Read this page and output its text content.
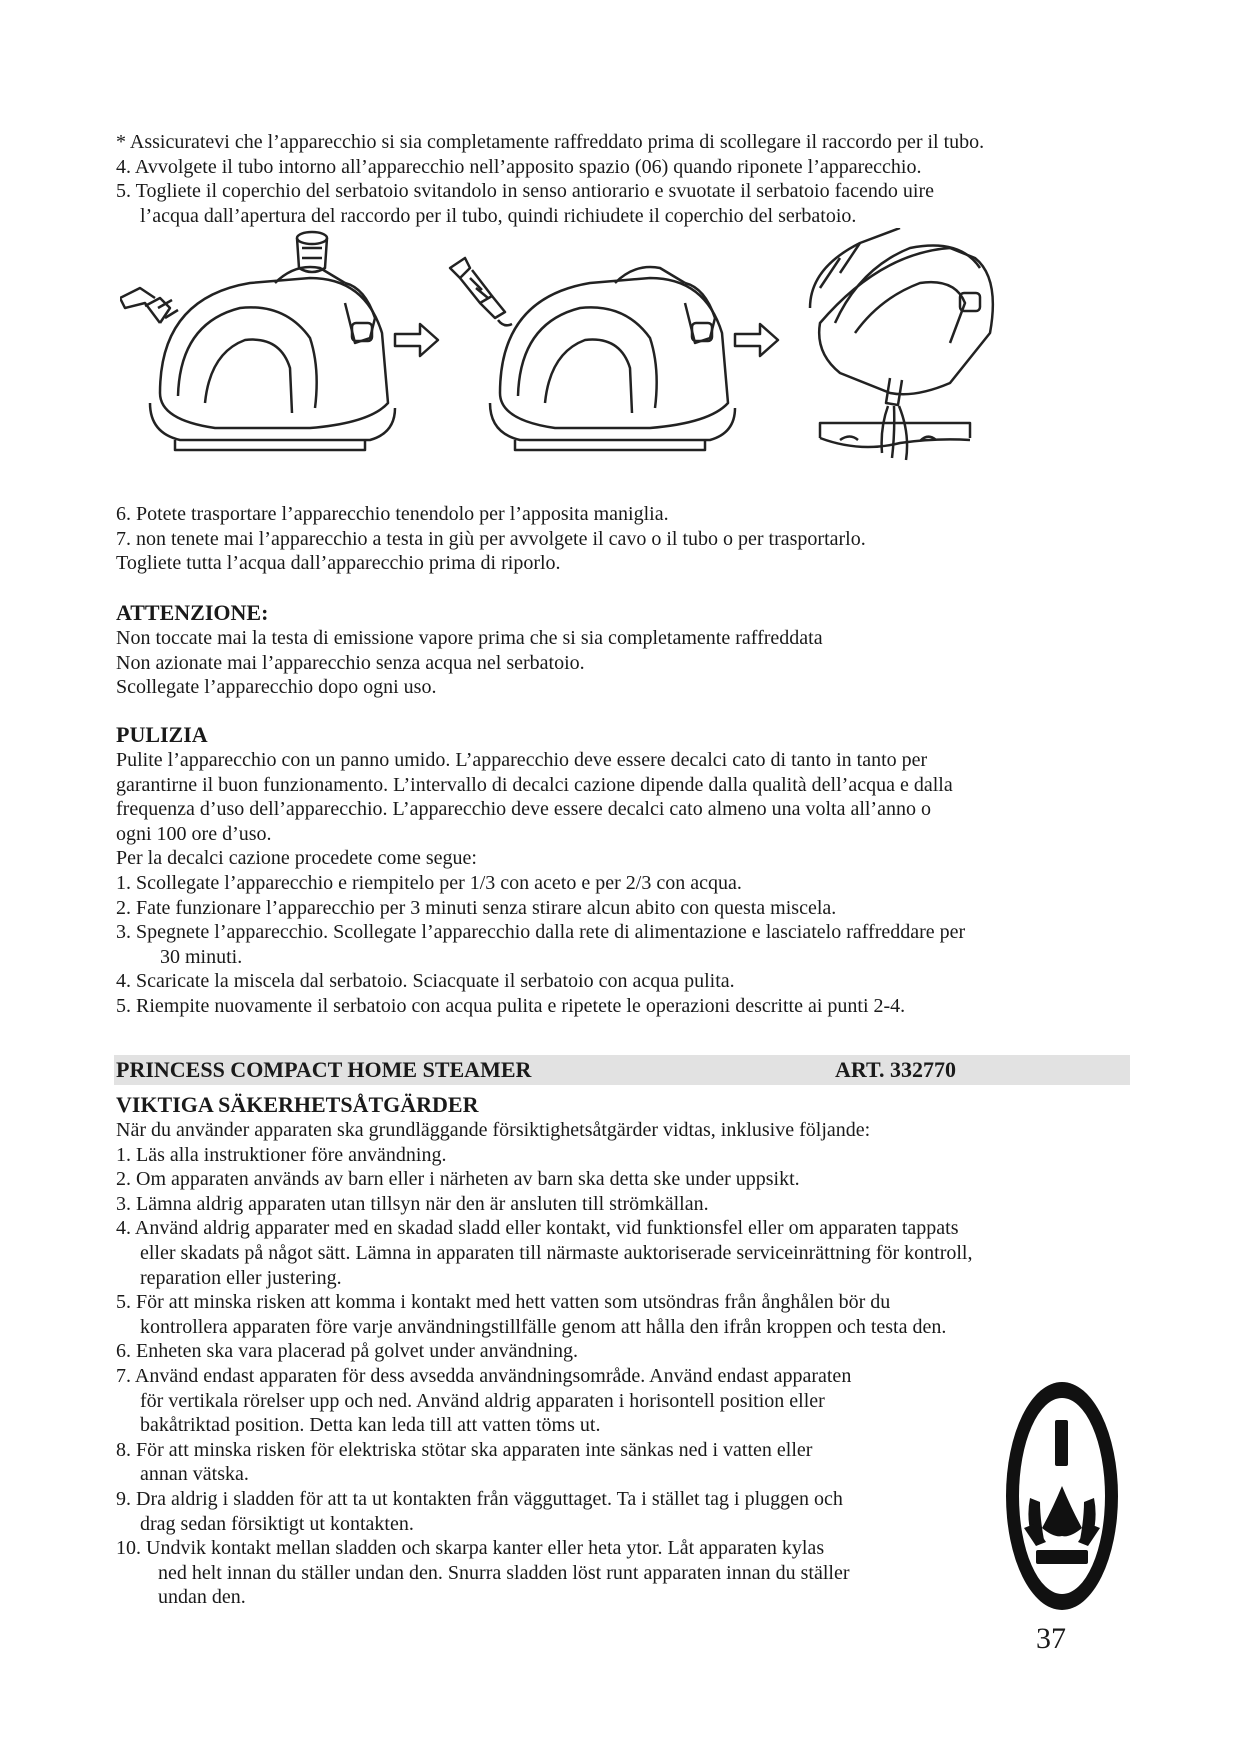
* Assicuratevi che l’apparecchio si sia completamente raffreddato prima di scollegare il raccordo per il tubo.
4. Avvolgete il tubo intorno all’apparecchio nell’apposito spazio (06) quando riponete l’apparecchio.
5. Togliete il coperchio del serbatoio svitandolo in senso antiorario e svuotate il serbatoio facendo uire
l’acqua dall’apertura del raccordo per il tubo, quindi richiudete il coperchio del serbatoio.
6. Potete trasportare l’apparecchio tenendolo per l’apposita maniglia.
7. non tenete mai l’apparecchio a testa in giù per avvolgete il cavo o il tubo o per trasportarlo.
Togliete tutta l’acqua dall’apparecchio prima di riporlo.
ATTENZIONE:
Non toccate mai la testa di emissione vapore prima che si sia completamente raffreddata
Non azionate mai l’apparecchio senza acqua nel serbatoio.
Scollegate l’apparecchio dopo ogni uso.
PULIZIA
Pulite l’apparecchio con un panno umido. L’apparecchio deve essere decalci cato di tanto in tanto per
garantirne il buon funzionamento. L’intervallo di decalci cazione dipende dalla qualità dell’acqua e dalla
frequenza d’uso dell’apparecchio. L’apparecchio deve essere decalci cato almeno una volta all’anno o
ogni 100 ore d’uso.
Per la decalci cazione procedete come segue:
1. Scollegate l’apparecchio e riempitelo per 1/3 con aceto e per 2/3 con acqua.
2. Fate funzionare l’apparecchio per 3 minuti senza stirare alcun abito con questa miscela.
3. Spegnete l’apparecchio. Scollegate l’apparecchio dalla rete di alimentazione e lasciatelo raffreddare per
30 minuti.
4. Scaricate la miscela dal serbatoio. Sciacquate il serbatoio con acqua pulita.
5. Riempite nuovamente il serbatoio con acqua pulita e ripetete le operazioni descritte ai punti 2-4.
PRINCESS COMPACT HOME STEAMER	ART. 332770
VIKTIGA SÄKERHETSÅTGÄRDER
När du använder apparaten ska grundläggande försiktighetsåtgärder vidtas, inklusive följande:
1. Läs alla instruktioner före användning.
2. Om apparaten används av barn eller i närheten av barn ska detta ske under uppsikt.
3. Lämna aldrig apparaten utan tillsyn när den är ansluten till strömkällan.
4. Använd aldrig apparater med en skadad sladd eller kontakt, vid funktionsfel eller om apparaten tappats
eller skadats på något sätt. Lämna in apparaten till närmaste auktoriserade serviceinrättning för kontroll,
reparation eller justering.
5. För att minska risken att komma i kontakt med hett vatten som utsöndras från ånghålen bör du
kontrollera apparaten före varje användningstillfälle genom att hålla den ifrån kroppen och testa den.
6. Enheten ska vara placerad på golvet under användning.
7. Använd endast apparaten för dess avsedda användningsområde. Använd endast apparaten
för vertikala rörelser upp och ned. Använd aldrig apparaten i horisontell position eller
bakåtriktad position. Detta kan leda till att vatten töms ut.
8. För att minska risken för elektriska stötar ska apparaten inte sänkas ned i vatten eller
annan vätska.
9. Dra aldrig i sladden för att ta ut kontakten från vägguttaget. Ta i stället tag i pluggen och
drag sedan försiktigt ut kontakten.
10. Undvik kontakt mellan sladden och skarpa kanter eller heta ytor. Låt apparaten kylas
ned helt innan du ställer undan den. Snurra sladden löst runt apparaten innan du ställer
undan den.
37
